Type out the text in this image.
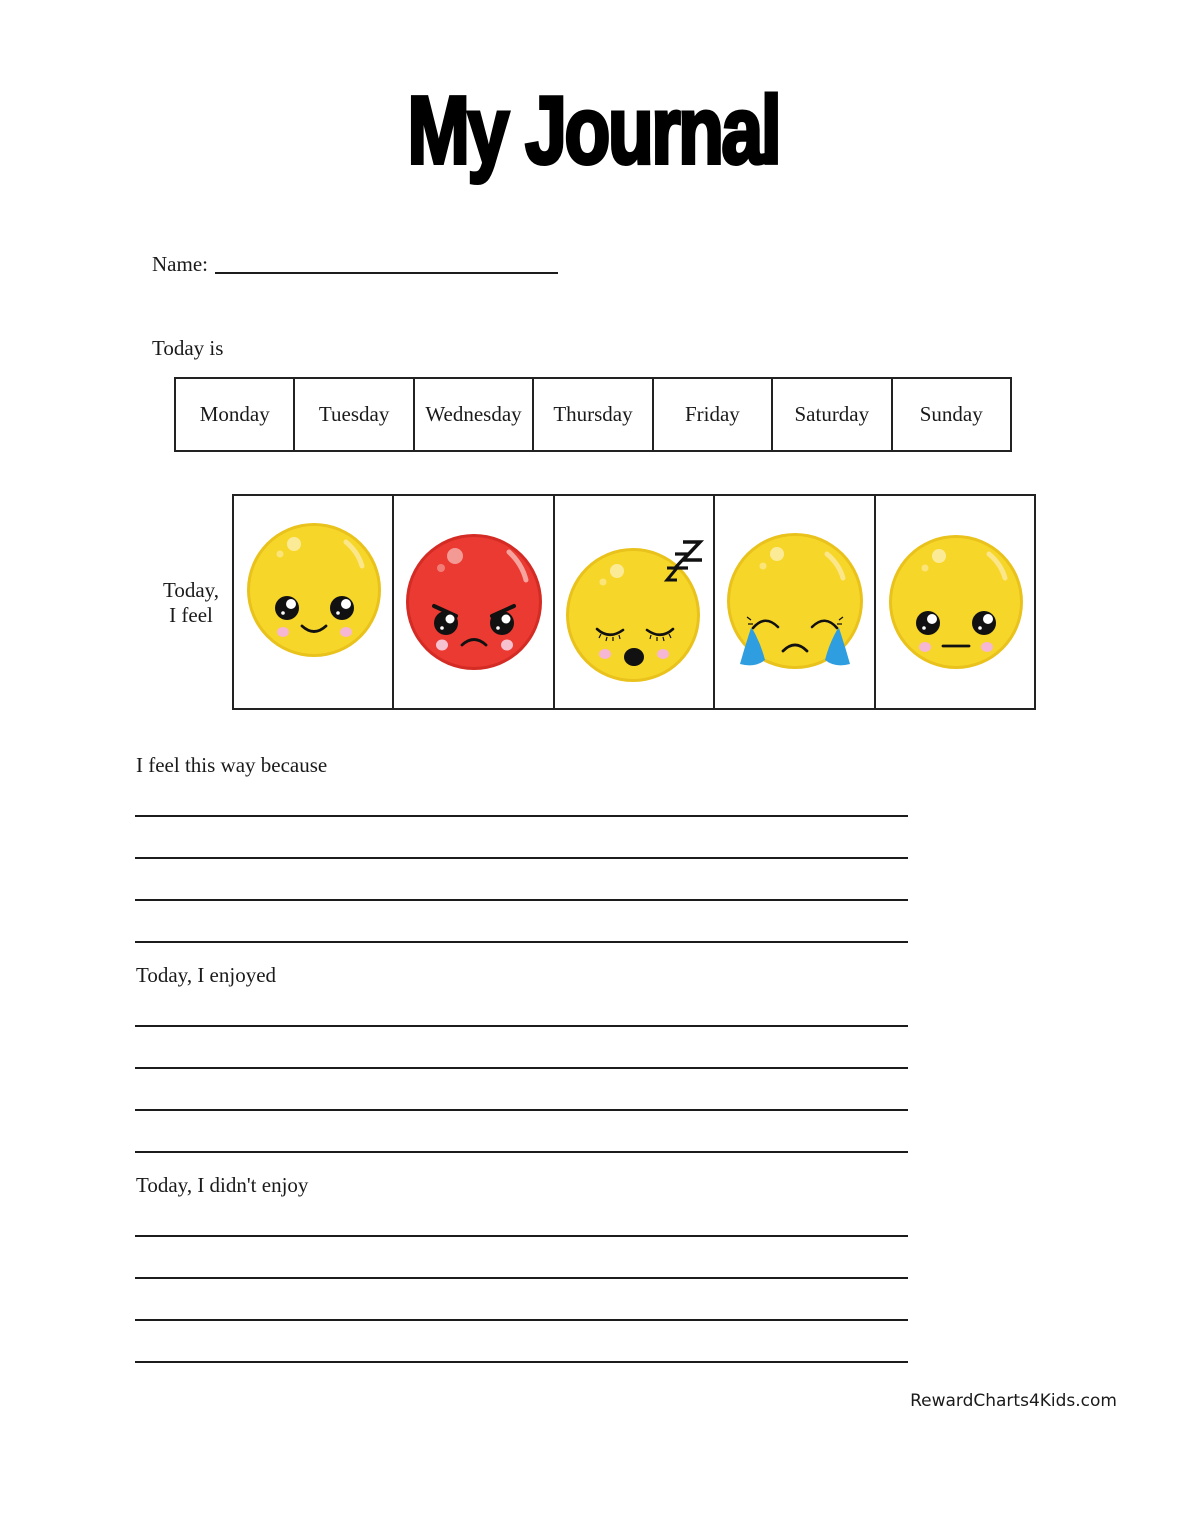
My Journal
Name:
Today is
Monday	Tuesday	Wednesday	Thursday	Friday	Saturday	Sunday
Today,
I feel
I feel this way because
Today, I enjoyed
Today, I didn't enjoy
RewardCharts4Kids.com
